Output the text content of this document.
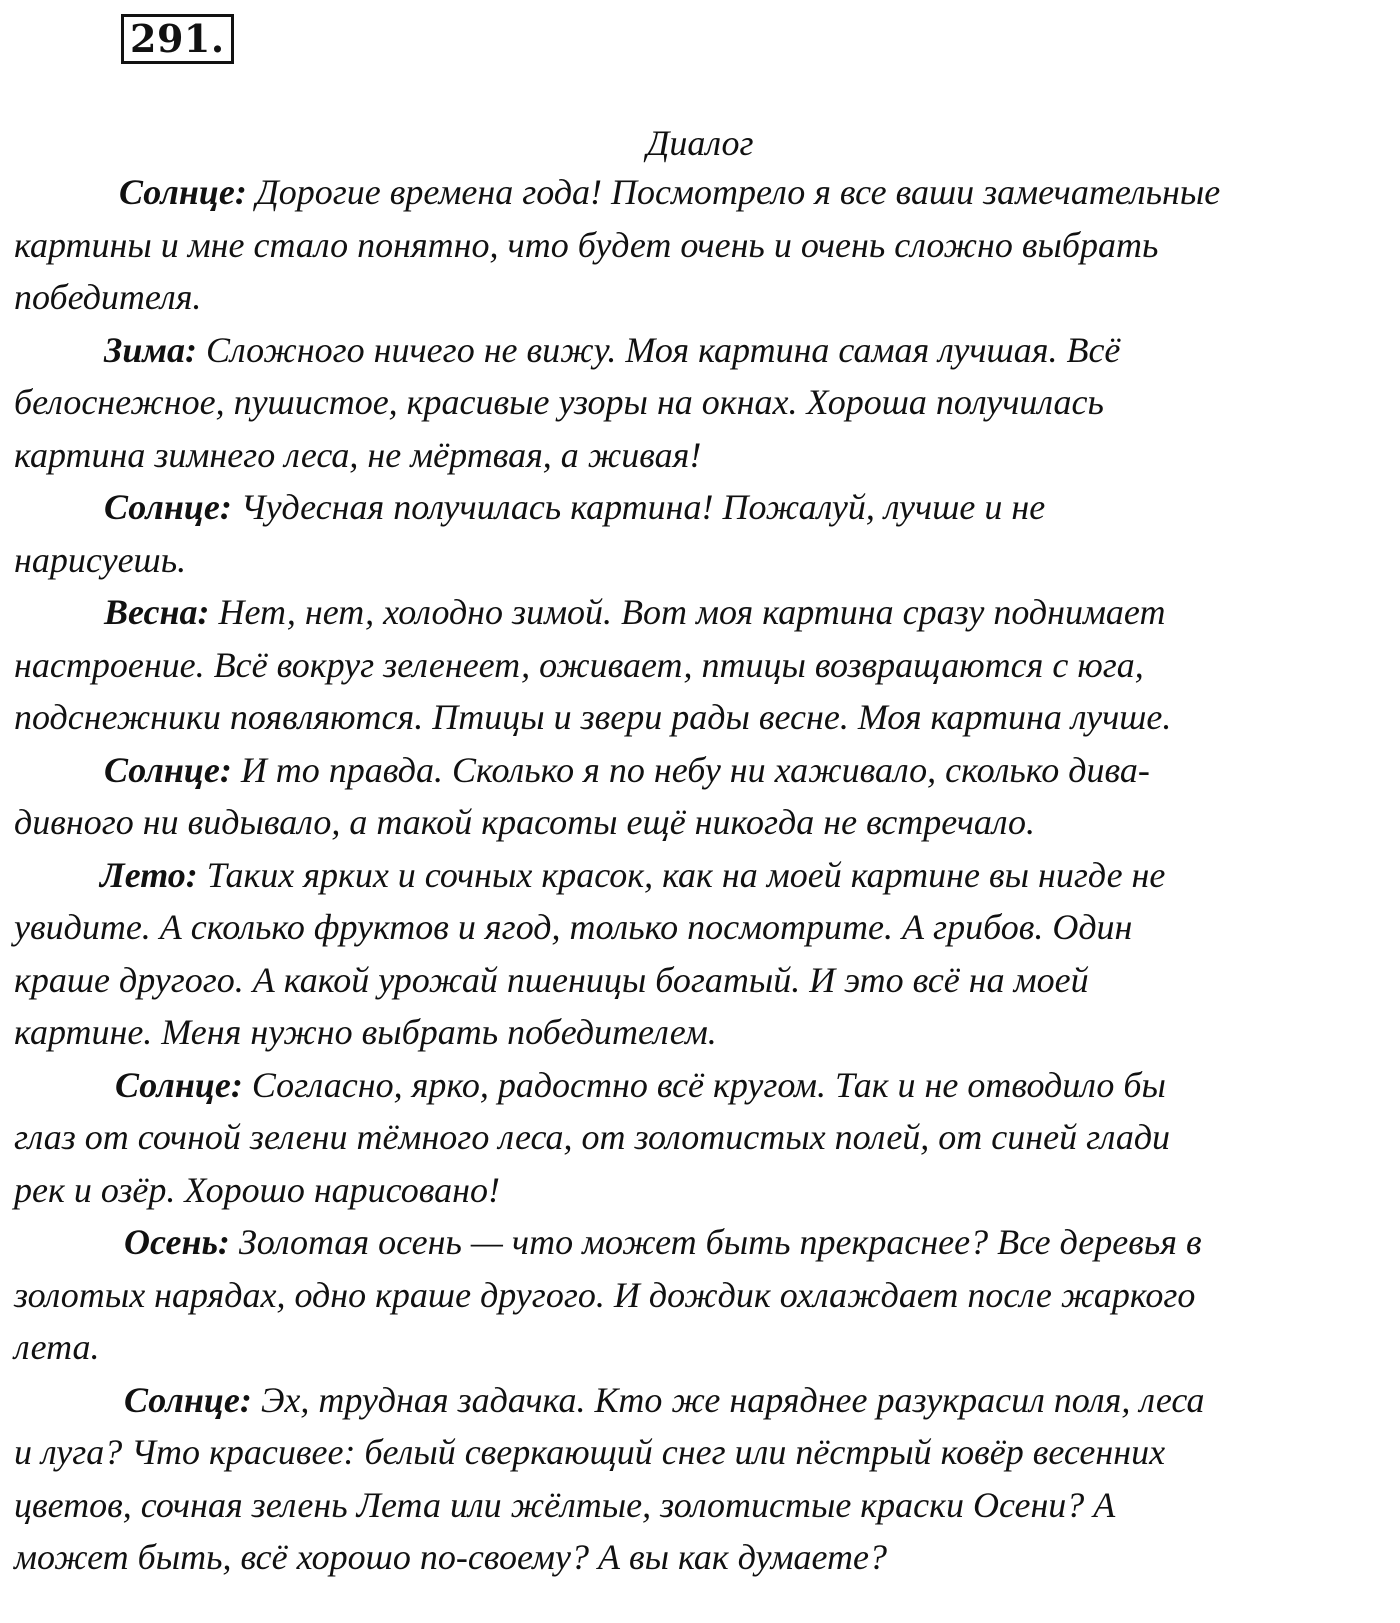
291.
Диалог
Солнце: Дорогие времена года! Посмотрело я все ваши замечательные
картины и мне стало понятно, что будет очень и очень сложно выбрать
победителя.
Зима: Сложного ничего не вижу. Моя картина самая лучшая. Всё
белоснежное, пушистое, красивые узоры на окнах. Хороша получилась
картина зимнего леса, не мёртвая, а живая!
Солнце: Чудесная получилась картина! Пожалуй, лучше и не
нарисуешь.
Весна: Нет, нет, холодно зимой. Вот моя картина сразу поднимает
настроение. Всё вокруг зеленеет, оживает, птицы возвращаются с юга,
подснежники появляются. Птицы и звери рады весне. Моя картина лучше.
Солнце: И то правда. Сколько я по небу ни хаживало, сколько дива-
дивного ни видывало, а такой красоты ещё никогда не встречало.
Лето: Таких ярких и сочных красок, как на моей картине вы нигде не
увидите. А сколько фруктов и ягод, только посмотрите. А грибов. Один
краше другого. А какой урожай пшеницы богатый. И это всё на моей
картине. Меня нужно выбрать победителем.
Солнце: Согласно, ярко, радостно всё кругом. Так и не отводило бы
глаз от сочной зелени тёмного леса, от золотистых полей, от синей глади
рек и озёр. Хорошо нарисовано!
Осень: Золотая осень — что может быть прекраснее? Все деревья в
золотых нарядах, одно краше другого. И дождик охлаждает после жаркого
лета.
Солнце: Эх, трудная задачка. Кто же наряднее разукрасил поля, леса
и луга? Что красивее: белый сверкающий снег или пёстрый ковёр весенних
цветов, сочная зелень Лета или жёлтые, золотистые краски Осени? А
может быть, всё хорошо по-своему? А вы как думаете?
